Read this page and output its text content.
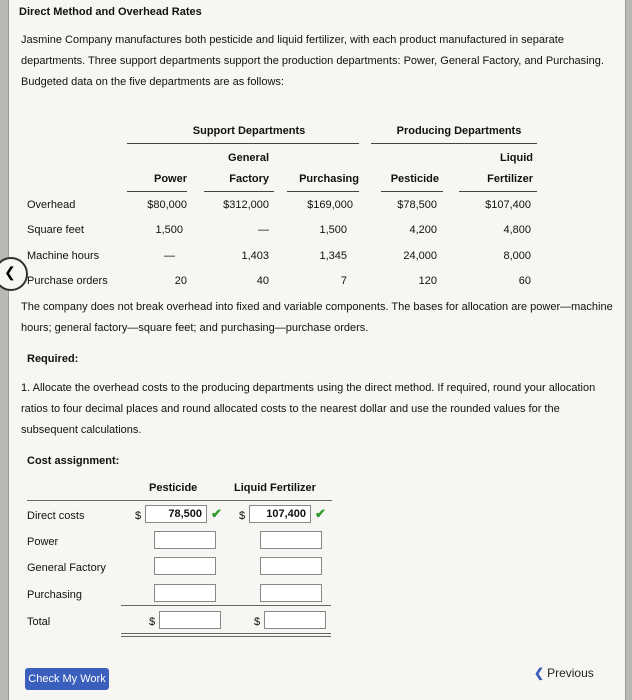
Direct Method and Overhead Rates
Jasmine Company manufactures both pesticide and liquid fertilizer, with each product manufactured in separate departments. Three support departments support the production departments: Power, General Factory, and Purchasing. Budgeted data on the five departments are as follows:
Support Departments	Producing Departments
General	Liquid
Power	Factory	Purchasing	Pesticide	Fertilizer
Overhead	$80,000	$312,000	$169,000	$78,500	$107,400
Square feet	1,500	—	1,500	4,200	4,800
Machine hours	—	1,403	1,345	24,000	8,000
Purchase orders	20	40	7	120	60
The company does not break overhead into fixed and variable components. The bases for allocation are power—machine hours; general factory—square feet; and purchasing—purchase orders.
Required:
1. Allocate the overhead costs to the producing departments using the direct method. If required, round your allocation ratios to four decimal places and round allocated costs to the nearest dollar and use the rounded values for the subsequent calculations.
Cost assignment:
Pesticide	Liquid Fertilizer
Direct costs	$	78,500 ✔ $	107,400 ✔
Power
General Factory
Purchasing
Total	$	$
Check My Work	❮ Previous
❮
